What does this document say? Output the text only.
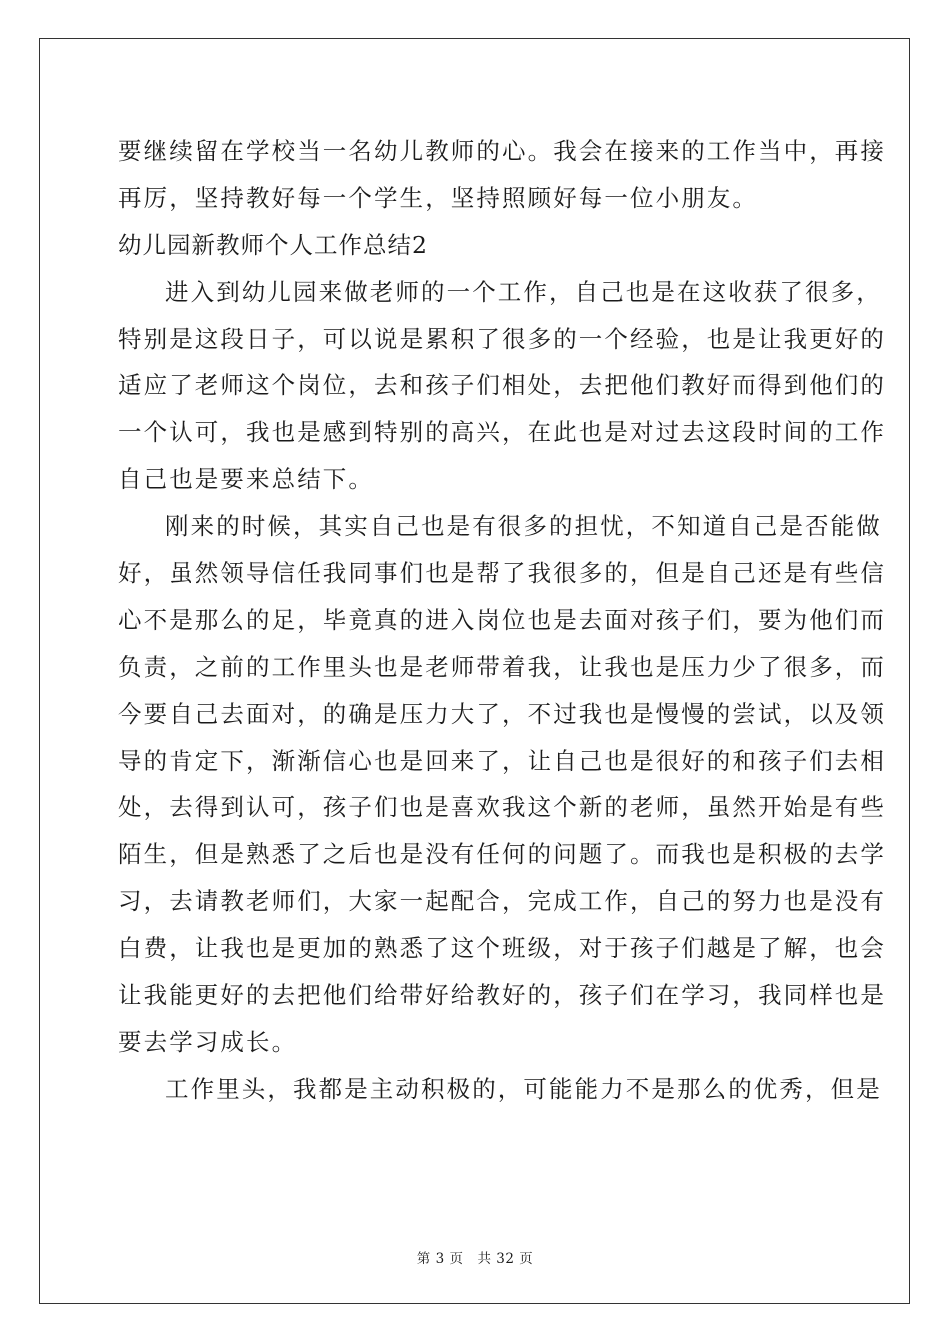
要继续留在学校当一名幼儿教师的心。我会在接来的工作当中，再接
再厉，坚持教好每一个学生，坚持照顾好每一位小朋友。
幼儿园新教师个人工作总结2
进入到幼儿园来做老师的一个工作，自己也是在这收获了很多，
特别是这段日子，可以说是累积了很多的一个经验，也是让我更好的
适应了老师这个岗位，去和孩子们相处，去把他们教好而得到他们的
一个认可，我也是感到特别的高兴，在此也是对过去这段时间的工作
自己也是要来总结下。
刚来的时候，其实自己也是有很多的担忧，不知道自己是否能做
好，虽然领导信任我同事们也是帮了我很多的，但是自己还是有些信
心不是那么的足，毕竟真的进入岗位也是去面对孩子们，要为他们而
负责，之前的工作里头也是老师带着我，让我也是压力少了很多，而
今要自己去面对，的确是压力大了，不过我也是慢慢的尝试，以及领
导的肯定下，渐渐信心也是回来了，让自己也是很好的和孩子们去相
处，去得到认可，孩子们也是喜欢我这个新的老师，虽然开始是有些
陌生，但是熟悉了之后也是没有任何的问题了。而我也是积极的去学
习，去请教老师们，大家一起配合，完成工作，自己的努力也是没有
白费，让我也是更加的熟悉了这个班级，对于孩子们越是了解，也会
让我能更好的去把他们给带好给教好的，孩子们在学习，我同样也是
要去学习成长。
工作里头，我都是主动积极的，可能能力不是那么的优秀，但是
第 3 页 共 32 页
